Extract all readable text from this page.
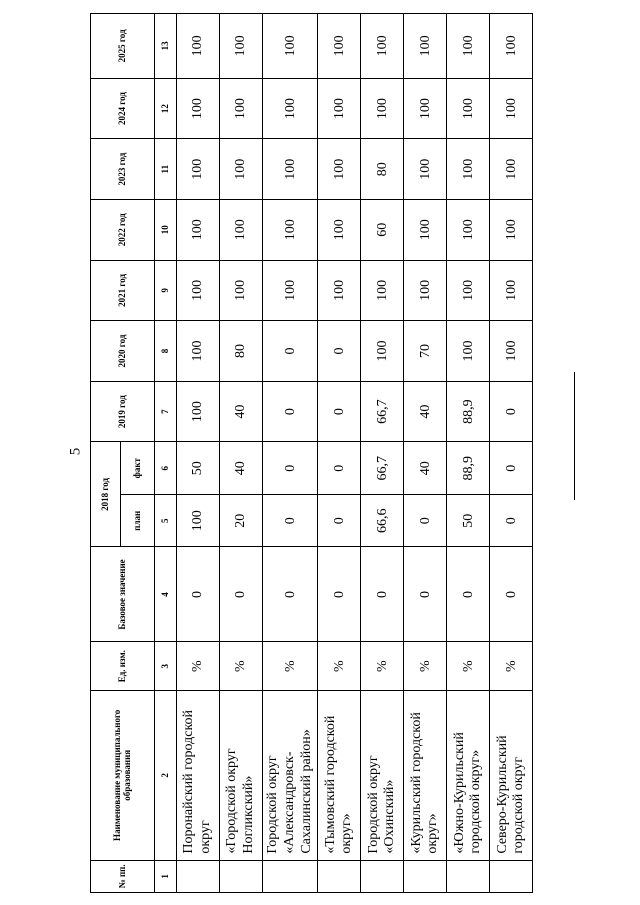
5
№ пп.	Наименование муниципального образования	Ед. изм.	Базовое значение	2018 год		2019 год	2020 год	2021 год	2022 год	2023 год	2024 год	2025 год
				план	факт							
1	2	3	4	5	6	7	8	9	10	11	12	13
	Поронайский городской округ	%	0	100	50	100	100	100	100	100	100	100
	«Городской округ Ногликский»	%	0	20	40	40	80	100	100	100	100	100
	Городской округ «Александровск-Сахалинский район»	%	0	0	0	0	0	100	100	100	100	100
	«Тымовский городской округ»	%	0	0	0	0	0	100	100	100	100	100
	Городской округ «Охинский»	%	0	66,6	66,7	66,7	100	100	60	80	100	100
	«Курильский городской округ»	%	0	0	40	40	70	100	100	100	100	100
	«Южно-Курильский городской округ»	%	0	50	88,9	88,9	100	100	100	100	100	100
	Северо-Курильский городской округ	%	0	0	0	0	100	100	100	100	100	100
